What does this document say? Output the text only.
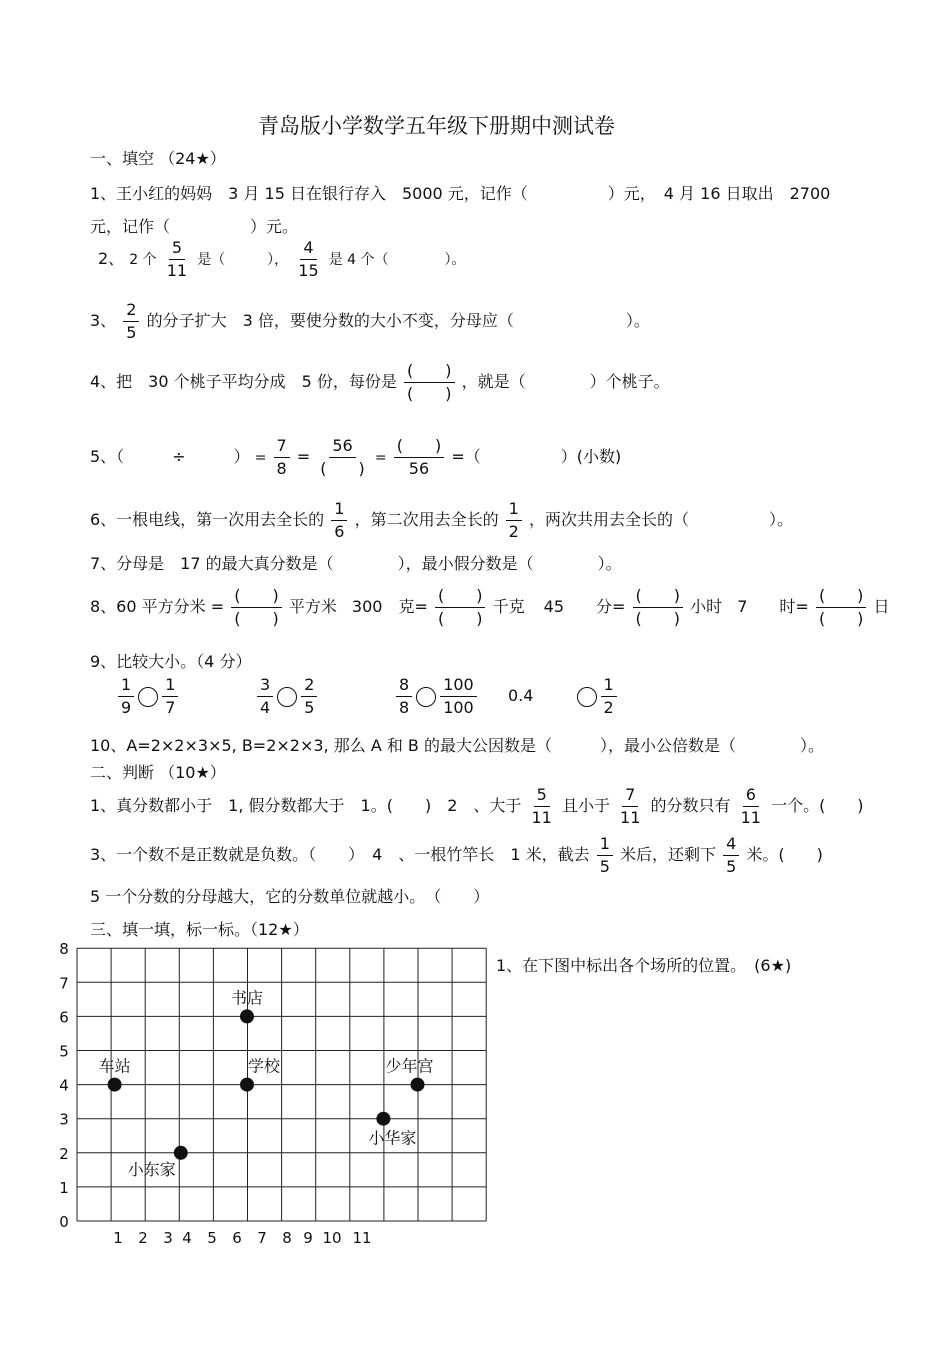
青岛版小学数学五年级下册期中测试卷
一、填空 （24★）
1、王小红的妈妈　3 月 15 日在银行存入　5000 元，记作（　　　　　）元，　4 月 16 日取出　2700
元，记作（　　　　　）元。
2、 2 个 $\frac{5}{11}$ 是（　　　）， $\frac{4}{15}$ 是 4 个（　　　　）。
3、 $\frac{2}{5}$ 的分子扩大　3 倍，要使分数的大小不变，分母应（　　　　　　　）。
4、把　30 个桃子平均分成　5 份，每份是 $\frac{( )}{( )}$ ，就是（　　　　）个桃子。
5、（　　　÷　　　） = $\frac{7}{8} = \frac{56}{( )} = \frac{( )}{56}$ =（　　　　　）(小数)
6、一根电线，第一次用去全长的 $\frac{1}{6}$ ，第二次用去全长的 $\frac{1}{2}$ ，两次共用去全长的（　　　　　）。
7、分母是　17 的最大真分数是（　　　　），最小假分数是（　　　　）。
8、60 平方分米 = $\frac{( )}{( )}$ 平方米 300　克= $\frac{( )}{( )}$ 千克 45　　分= $\frac{( )}{( )}$ 小时 7　　时= $\frac{( )}{( )}$ 日
9、比较大小。（4 分）
$\frac{1}{9} \frac{1}{7}$	$\frac{3}{4} \frac{2}{5}$	$\frac{8}{8} \frac{100}{100} 0.4$	$\frac{1}{2}$
10、A=2×2×3×5, B=2×2×3, 那么 A 和 B 的最大公因数是（　　　），最小公倍数是（　　　　）。
二、判断 （10★）
1、真分数都小于　1, 假分数都大于　1。(　　)　2　、大于 $\frac{5}{11}$ 且小于 $\frac{7}{11}$ 的分数只有 $\frac{6}{11}$ 一个。(　　)
3、一个数不是正数就是负数。（　　）　4　、一根竹竿长　1 米，截去 $\frac{1}{5}$ 米后，还剩下 $\frac{4}{5}$ 米。(　　)
5 一个分数的分母越大，它的分数单位就越小。　（　　）
三、填一填，标一标。（12★）
1、在下图中标出各个场所的位置。　(6★)
0
1
2
3
4
5
6
7
8
1 2 3 4 5 6 7 8 9 10 11
书店
车站	学校	少年宫
小华家
小东家
